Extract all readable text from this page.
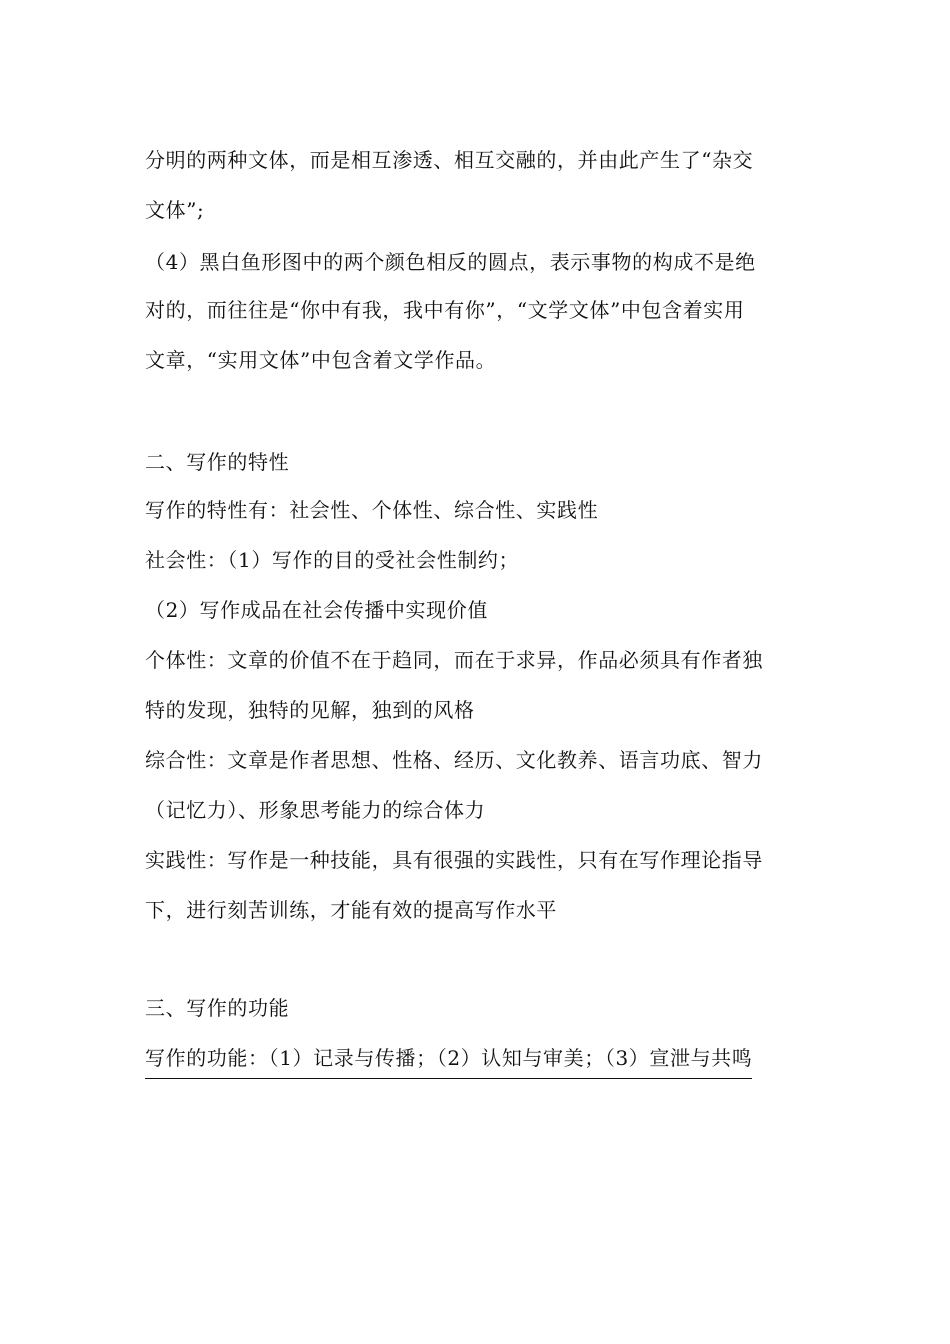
分明的两种文体，而是相互渗透、相互交融的，并由此产生了“杂交
文体”;
（4）黑白鱼形图中的两个颜色相反的圆点，表示事物的构成不是绝
对的，而往往是“你中有我，我中有你”，“文学文体”中包含着实用
文章，“实用文体”中包含着文学作品。
二、写作的特性
写作的特性有：社会性、个体性、综合性、实践性
社会性：（1）写作的目的受社会性制约；
（2）写作成品在社会传播中实现价值
个体性：文章的价值不在于趋同，而在于求异，作品必须具有作者独
特的发现，独特的见解，独到的风格
综合性：文章是作者思想、性格、经历、文化教养、语言功底、智力
（记忆力）、形象思考能力的综合体力
实践性：写作是一种技能，具有很强的实践性，只有在写作理论指导
下，进行刻苦训练，才能有效的提高写作水平
三、写作的功能
写作的功能：（1）记录与传播；（2）认知与审美；（3）宣泄与共鸣
